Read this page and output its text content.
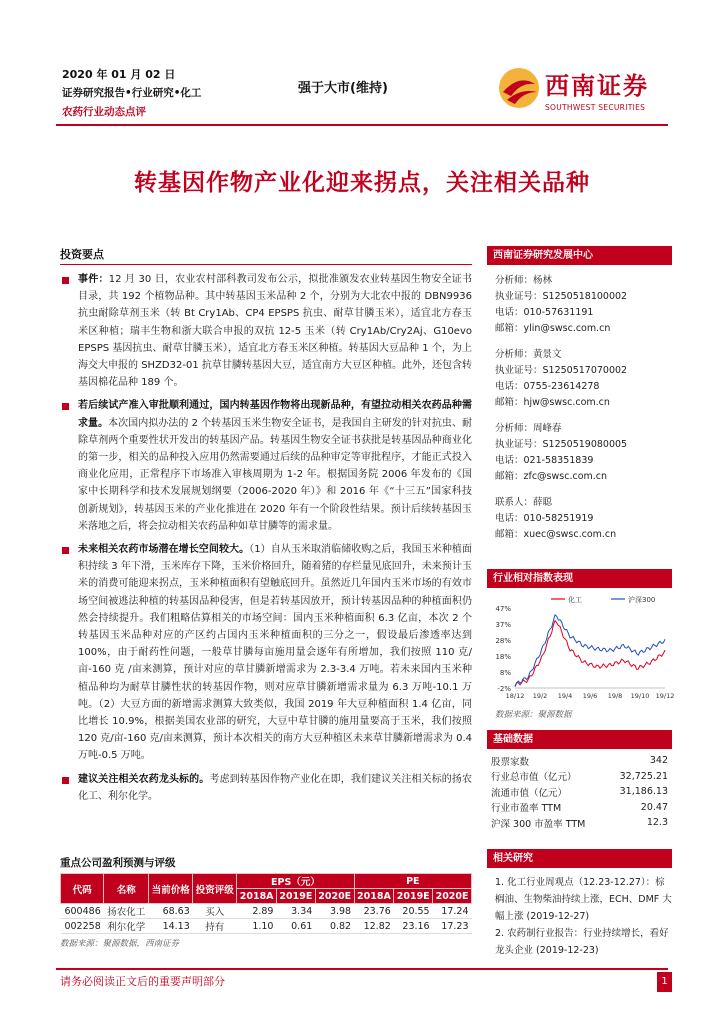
2020 年 01 月 02 日
证券研究报告•行业研究•化工
农药行业动态点评
强于大市(维持)	西南证券
SOUTHWEST SECURITIES
转基因作物产业化迎来拐点，关注相关品种
投资要点
事件：12 月 30 日，农业农村部科教司发布公示，拟批准颁发农业转基因生物安全证书目录，共 192 个植物品种。其中转基因玉米品种 2 个，分别为大北农中报的 DBN9936 抗虫耐除草剂玉米（转 Bt Cry1Ab、CP4 EPSPS 抗虫、耐草甘膦玉米），适宜北方春玉米区种植；瑞丰生物和浙大联合申报的双抗 12-5 玉米（转 Cry1Ab/Cry2Aj、G10evo EPSPS 基因抗虫、耐草甘膦玉米），适宜北方春玉米区种植。转基因大豆品种 1 个，为上海交大申报的 SHZD32-01 抗草甘膦转基因大豆，适宜南方大豆区种植。此外，还包含转基因棉花品种 189 个。
若后续试产准入审批顺利通过，国内转基因作物将出现新品种，有望拉动相关农药品种需求量。本次国内拟办法的 2 个转基因玉米生物安全证书，是我国自主研发的针对抗虫、耐除草剂两个重要性状开发出的转基因产品。转基因生物安全证书获批是转基因品种商业化的第一步，相关的品种投入应用仍然需要通过后续的品种审定等审批程序，才能正式投入商业化应用，正常程序下市场准入审核周期为 1-2 年。根据国务院 2006 年发布的《国家中长期科学和技术发展规划纲要（2006-2020 年）》和 2016 年《“十三五”国家科技创新规划》，转基因玉米的产业化推进在 2020 年有一个阶段性结果。预计后续转基因玉米落地之后，将会拉动相关农药品种如草甘膦等的需求量。
未来相关农药市场潜在增长空间较大。（1）自从玉米取消临储收购之后，我国玉米种植面积持续 3 年下滑，玉米库存下降，玉米价格回升，随着猪的存栏量见底回升，未来预计玉米的消费可能迎来拐点，玉米种植面积有望触底回升。虽然近几年国内玉米市场的有效市场空间被逃法种植的转基因品种侵害，但是若转基因放开，预计转基因品种的种植面积仍然会持续提升。我们粗略估算相关的市场空间：国内玉米种植面积 6.3 亿亩，本次 2 个转基因玉米品种对应的产区约占国内玉米种植面积的三分之一，假设最后渗透率达到 100%，由于耐药性问题，一般草甘膦每亩施用量会逐年有所增加，我们按照 110 克/亩-160 克 /亩来测算，预计对应的草甘膦新增需求为 2.3-3.4 万吨。若未来国内玉米种植品种均为耐草甘膦性状的转基因作物，则对应草甘膦新增需求量为 6.3 万吨-10.1 万吨。（2）大豆方面的新增需求测算大致类似，我国 2019 年大豆种植面积 1.4 亿亩，同比增长 10.9%，根据美国农业部的研究，大豆中草甘膦的施用量要高于玉米，我们按照 120 克/亩-160 克/亩来测算，预计本次相关的南方大豆种植区未来草甘膦新增需求为 0.4 万吨-0.5 万吨。
建议关注相关农药龙头标的。考虑到转基因作物产业化在即，我们建议关注相关标的扬农化工、利尔化学。
重点公司盈利预测与评级
代码	名称	当前价格	投资评级	EPS（元）			PE		
				2018A	2019E	2020E	2018A	2019E	2020E
600486	扬农化工	68.63	买入	2.89	3.34	3.98	23.76	20.55	17.24
002258	利尔化学	14.13	持有	1.10	0.61	0.82	12.82	23.16	17.23
数据来源：聚源数据，西南证券
西南证券研究发展中心
分析师：杨林
执业证号：S1250518100002
电话：010-57631191
邮箱：ylin@swsc.com.cn
分析师：黄景文
执业证号：S1250517070002
电话：0755-23614278
邮箱：hjw@swsc.com.cn
分析师：周峰春
执业证号：S1250519080005
电话：021-58351839
邮箱：zfc@swsc.com.cn
联系人：薛聪
电话：010-58251919
邮箱：xuec@swsc.com.cn
行业相对指数表现
47%
37%
28%
18%
8%
-2%
18/12 19/2 19/4 19/6 19/8 19/10 19/12
化工	沪深300
数据来源：聚源数据
基础数据
股票家数	342
行业总市值（亿元）	32,725.21
流通市值（亿元）	31,186.13
行业市盈率 TTM	20.47
沪深 300 市盈率 TTM	12.3
相关研究
1. 化工行业周观点（12.23-12.27）：棕榈油、生物柴油持续上涨，ECH、DMF 大幅上涨 (2019-12-27)
2. 农药制行业报告：行业持续增长，看好龙头企业 (2019-12-23)
请务必阅读正文后的重要声明部分	1
